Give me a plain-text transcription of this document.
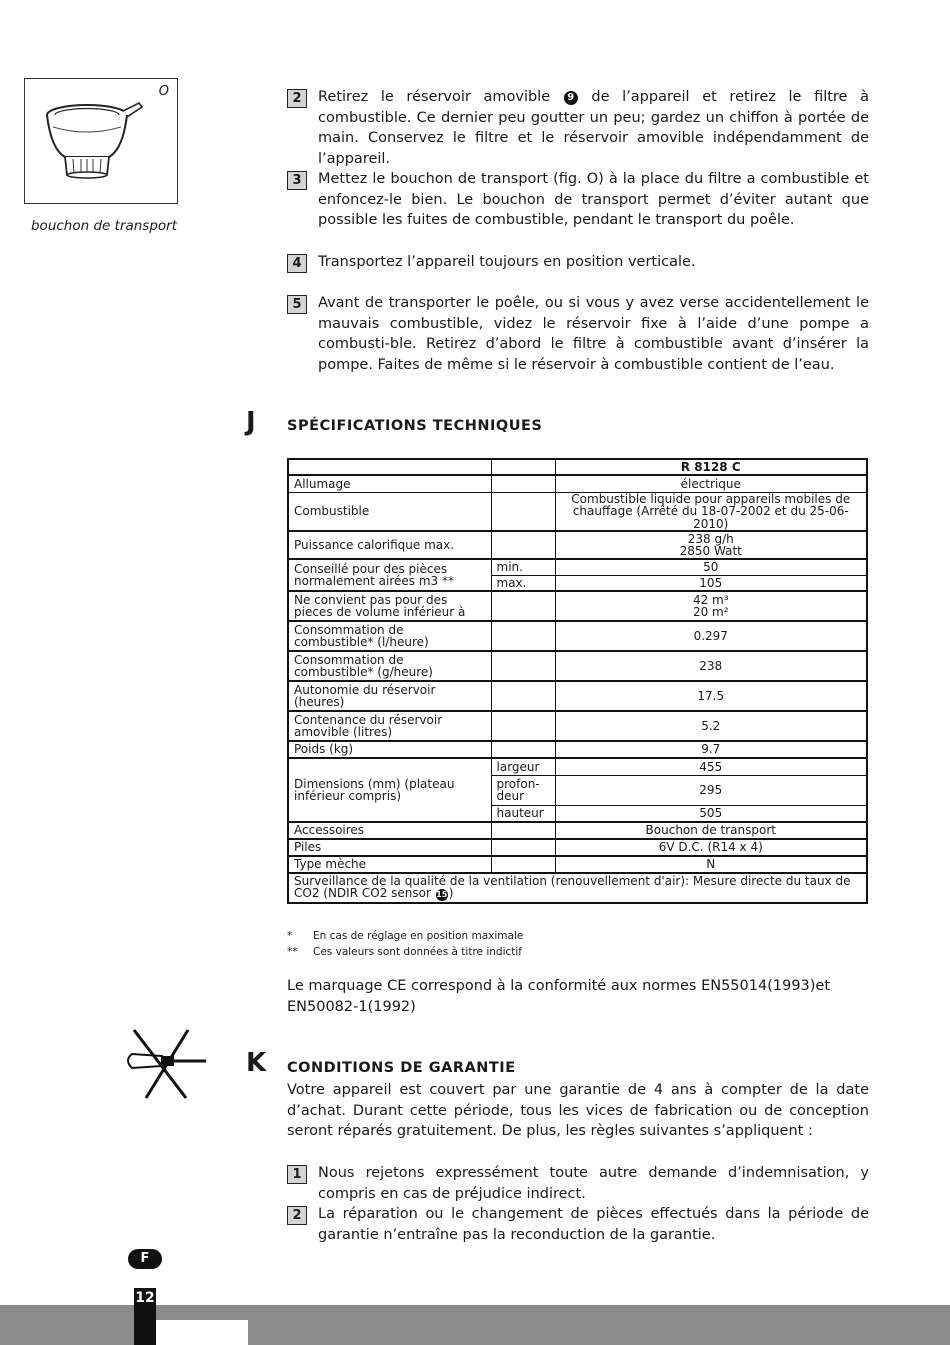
O
bouchon de transport
2	Retirez le réservoir amovible 9 de l’appareil et retirez le filtre à combustible. Ce dernier peu goutter un peu; gardez un chiffon à portée de main. Conservez le filtre et le réservoir amovible indépendamment de l’appareil.
3	Mettez le bouchon de transport (fig. O) à la place du filtre a combustible et enfoncez-le bien. Le bouchon de transport permet d’éviter autant que possible les fuites de combustible, pendant le transport du poêle.
4	Transportez l’appareil toujours en position verticale.
5	Avant de transporter le poêle, ou si vous y avez verse accidentellement le mauvais combustible, videz le réservoir fixe à l’aide d’une pompe a combusti-ble. Retirez d’abord le filtre à combustible avant d’insérer la pompe. Faites de même si le réservoir à combustible contient de l’eau.
J SPÉCIFICATIONS TECHNIQUES
		R 8128 C
Allumage		électrique
Combustible		Combustible liquide pour appareils mobiles de
chauffage (Arrêté du 18-07-2002 et du 25-06-2010)

Puissance calorifique max.		238 g/h
2850 Watt

Conseillé pour des pièces normalement airées m3 **	min.	50
	max.	105
Ne convient pas pour des pieces de volume inférieur à		42 m³
20 m²

Consommation de combustible* (l/heure)		0.297
Consommation de combustible* (g/heure)		238
Autonomie du réservoir (heures)		17.5
Contenance du réservoir amovible (litres)		5.2
Poids (kg)		9.7
Dimensions (mm) (plateau inférieur compris)	largeur	455
	profon-deur	295
	hauteur	505
Accessoires		Bouchon de transport
Piles		6V D.C. (R14 x 4)
Type mèche		N
Surveillance de la qualité de la ventilation (renouvellement d'air): Mesure directe du taux de CO2 (NDIR CO2 sensor 15)		
* En cas de réglage en position maximale
** Ces valeurs sont données à titre indictif
Le marquage CE correspond à la conformité aux normes EN55014(1993)et EN50082-1(1992)
K CONDITIONS DE GARANTIE
Votre appareil est couvert par une garantie de 4 ans à compter de la date d’achat. Durant cette période, tous les vices de fabrication ou de conception seront réparés gratuitement. De plus, les règles suivantes s’appliquent :
1	Nous rejetons expressément toute autre demande d’indemnisation, y compris en cas de préjudice indirect.
2	La réparation ou le changement de pièces effectués dans la période de garantie n’entraîne pas la reconduction de la garantie.
F
12
